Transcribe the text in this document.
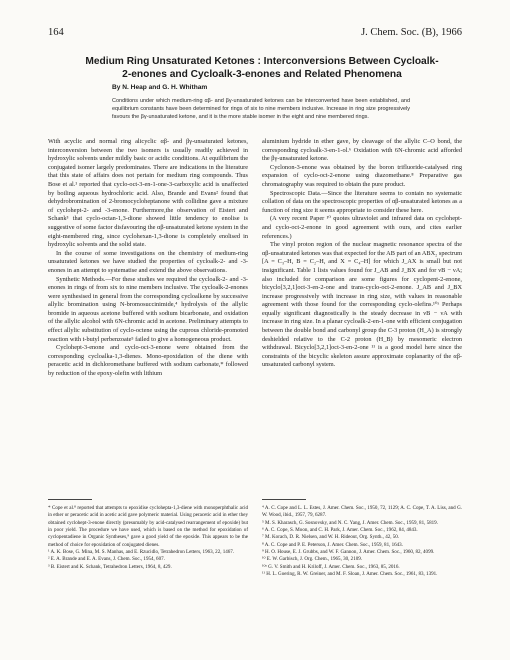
164	J. Chem. Soc. (B), 1966
Medium Ring Unsaturated Ketones : Interconversions Between Cycloalk-2-enones and Cycloalk-3-enones and Related Phenomena
By N. Heap and G. H. Whitham
Conditions under which medium-ring αβ- and βγ-unsaturated ketones can be interconverted have been established, and equilibrium constants have been determined for rings of six to nine members inclusive. Increase in ring size progressively favours the βγ-unsaturated ketone, and it is the more stable isomer in the eight and nine membered rings.

With acyclic and normal ring alicyclic αβ- and βγ-unsaturated ketones, interconversion between the two isomers is usually readily achieved in hydroxylic solvents under mildly basic or acidic conditions. At equilibrium the conjugated isomer largely predominates. There are indications in the literature that this state of affairs does not pertain for medium ring compounds. Thus Bose et al.¹ reported that cyclo-oct-3-en-1-one-3-carboxylic acid is unaffected by boiling aqueous hydrochloric acid. Also, Brande and Evans² found that dehydrobromination of 2-bromocycloheptanone with collidine gave a mixture of cyclohept-2- and -3-enone. Furthermore,the observation of Eistert and Schank³ that cyclo-octan-1,3-dione showed little tendency to enolise is suggestive of some factor disfavouring the αβ-unsaturated ketone system in the eight-membered ring, since cyclohexan-1,3-dione is completely enolised in hydroxylic solvents and the solid state.

In the course of some investigations on the chemistry of medium-ring unsaturated ketones we have studied the properties of cycloalk-2- and -3-enones in an attempt to systematise and extend the above observations.

Synthetic Methods.—For these studies we required the cycloalk-2- and -3-enones in rings of from six to nine members inclusive. The cycloalk-2-enones were synthesised in general from the corresponding cycloalkene by successive allylic bromination using N-bromosuccinimide,⁴ hydrolysis of the allylic bromide in aqueous acetone buffered with sodium bicarbonate, and oxidation of the allylic alcohol with 6N-chromic acid in acetone. Preliminary attempts to effect allylic substitution of cyclo-octene using the cuprous chloride-promoted reaction with t-butyl perbenzoate⁵ failed to give a homogeneous product.

Cyclohept-3-enone and cyclo-oct-3-enone were obtained from the corresponding cycloalka-1,3-dienes. Mono-epoxidation of the diene with peracetic acid in dichloromethane buffered with sodium carbonate,* followed by reduction of the epoxy-olefin with lithium

aluminium hydride in ether gave, by cleavage of the allylic C–O bond, the corresponding cycloalk-3-en-1-ol.⁶ Oxidation with 6N-chromic acid afforded the βγ-unsaturated ketone.

Cyclonon-3-enone was obtained by the boron trifluoride-catalysed ring expansion of cyclo-oct-2-enone using diazomethane.⁸ Preparative gas chromatography was required to obtain the pure product.

Spectroscopic Data.—Since the literature seems to contain no systematic collation of data on the spectroscopic properties of αβ-unsaturated ketones as a function of ring size it seems appropriate to consider these here.

(A very recent Paper ¹⁰ quotes ultraviolet and infrared data on cyclohept- and cyclo-oct-2-enone in good agreement with ours, and cites earlier references.)

The vinyl proton region of the nuclear magnetic resonance spectra of the αβ-unsaturated ketones was that expected for the AB part of an ABX₂ spectrum [A = C₃–H, B = C₂–H, and X = C₄–H] for which J_AX is small but not insignificant. Table 1 lists values found for J_AB and J_BX and for νB − νA; also included for comparison are some figures for cyclopent-2-enone, bicyclo[3,2,1]oct-3-en-2-one and trans-cyclo-oct-2-enone. J_AB and J_BX increase progressively with increase in ring size, with values in reasonable agreement with those found for the corresponding cyclo-olefins.¹⁰ᵃ Perhaps equally significant diagnostically is the steady decrease in νB − νA with increase in ring size. In a planar cycloalk-2-en-1-one with efficient conjugation between the double bond and carbonyl group the C-3 proton (H_A) is strongly deshielded relative to the C-2 proton (H_B) by mesomeric electron withdrawal. Bicyclo[3,2,1]oct-3-en-2-one ¹¹ is a good model here since the constraints of the bicyclic skeleton assure approximate coplanarity of the αβ-unsaturated carbonyl system.

* Cope et al.⁸ reported that attempts to epoxidise cyclohepta-1,3-diene with monoperphthalic acid in ether or peracetic acid in acetic acid gave polymeric material. Using peracetic acid in ether they obtained cyclohept-3-enone directly (presumably by acid-catalysed rearrangement of epoxide) but in poor yield. The procedure we have used, which is based on the method for epoxidation of cyclopentadiene in Organic Syntheses,⁹ gave a good yield of the epoxide. This appears to be the method of choice for epoxidation of conjugated dienes.

¹ A. K. Bose, G. Mina, M. S. Manhas, and E. Rzucidlo, Tetrahedron Letters, 1963, 22, 1467.

² E. A. Brande and E. A. Evans, J. Chem. Soc., 1954, 607.

³ B. Eistert and K. Schank, Tetrahedron Letters, 1964, 8, 429.

⁴ A. C. Cope and L. L. Estes, J. Amer. Chem. Soc., 1950, 72, 1129; A. C. Cope, T. A. Liss, and G. W. Wood, ibid., 1957, 79, 6287.

⁵ M. S. Kharasch, G. Sosnovsky, and N. C. Yang, J. Amer. Chem. Soc., 1959, 81, 5819.

⁶ A. C. Cope, S. Moon, and C. H. Park, J. Amer. Chem. Soc., 1962, 84, 4843.

⁷ M. Korach, D. R. Nielsen, and W. H. Rideout, Org. Synth., 42, 50.

⁸ A. C. Cope and P. E. Peterson, J. Amer. Chem. Soc., 1959, 81, 1643.

⁹ H. O. House, E. J. Grubbs, and W. F. Gannon, J. Amer. Chem. Soc., 1960, 82, 4099.

¹⁰ E. W. Garbisch, J. Org. Chem., 1965, 30, 2109.

¹⁰ᵃ G. V. Smith and H. Kriloff, J. Amer. Chem. Soc., 1963, 85, 2016.

¹¹ H. L. Goering, R. W. Greiner, and M. F. Sloan, J. Amer. Chem. Soc., 1961, 83, 1391.
